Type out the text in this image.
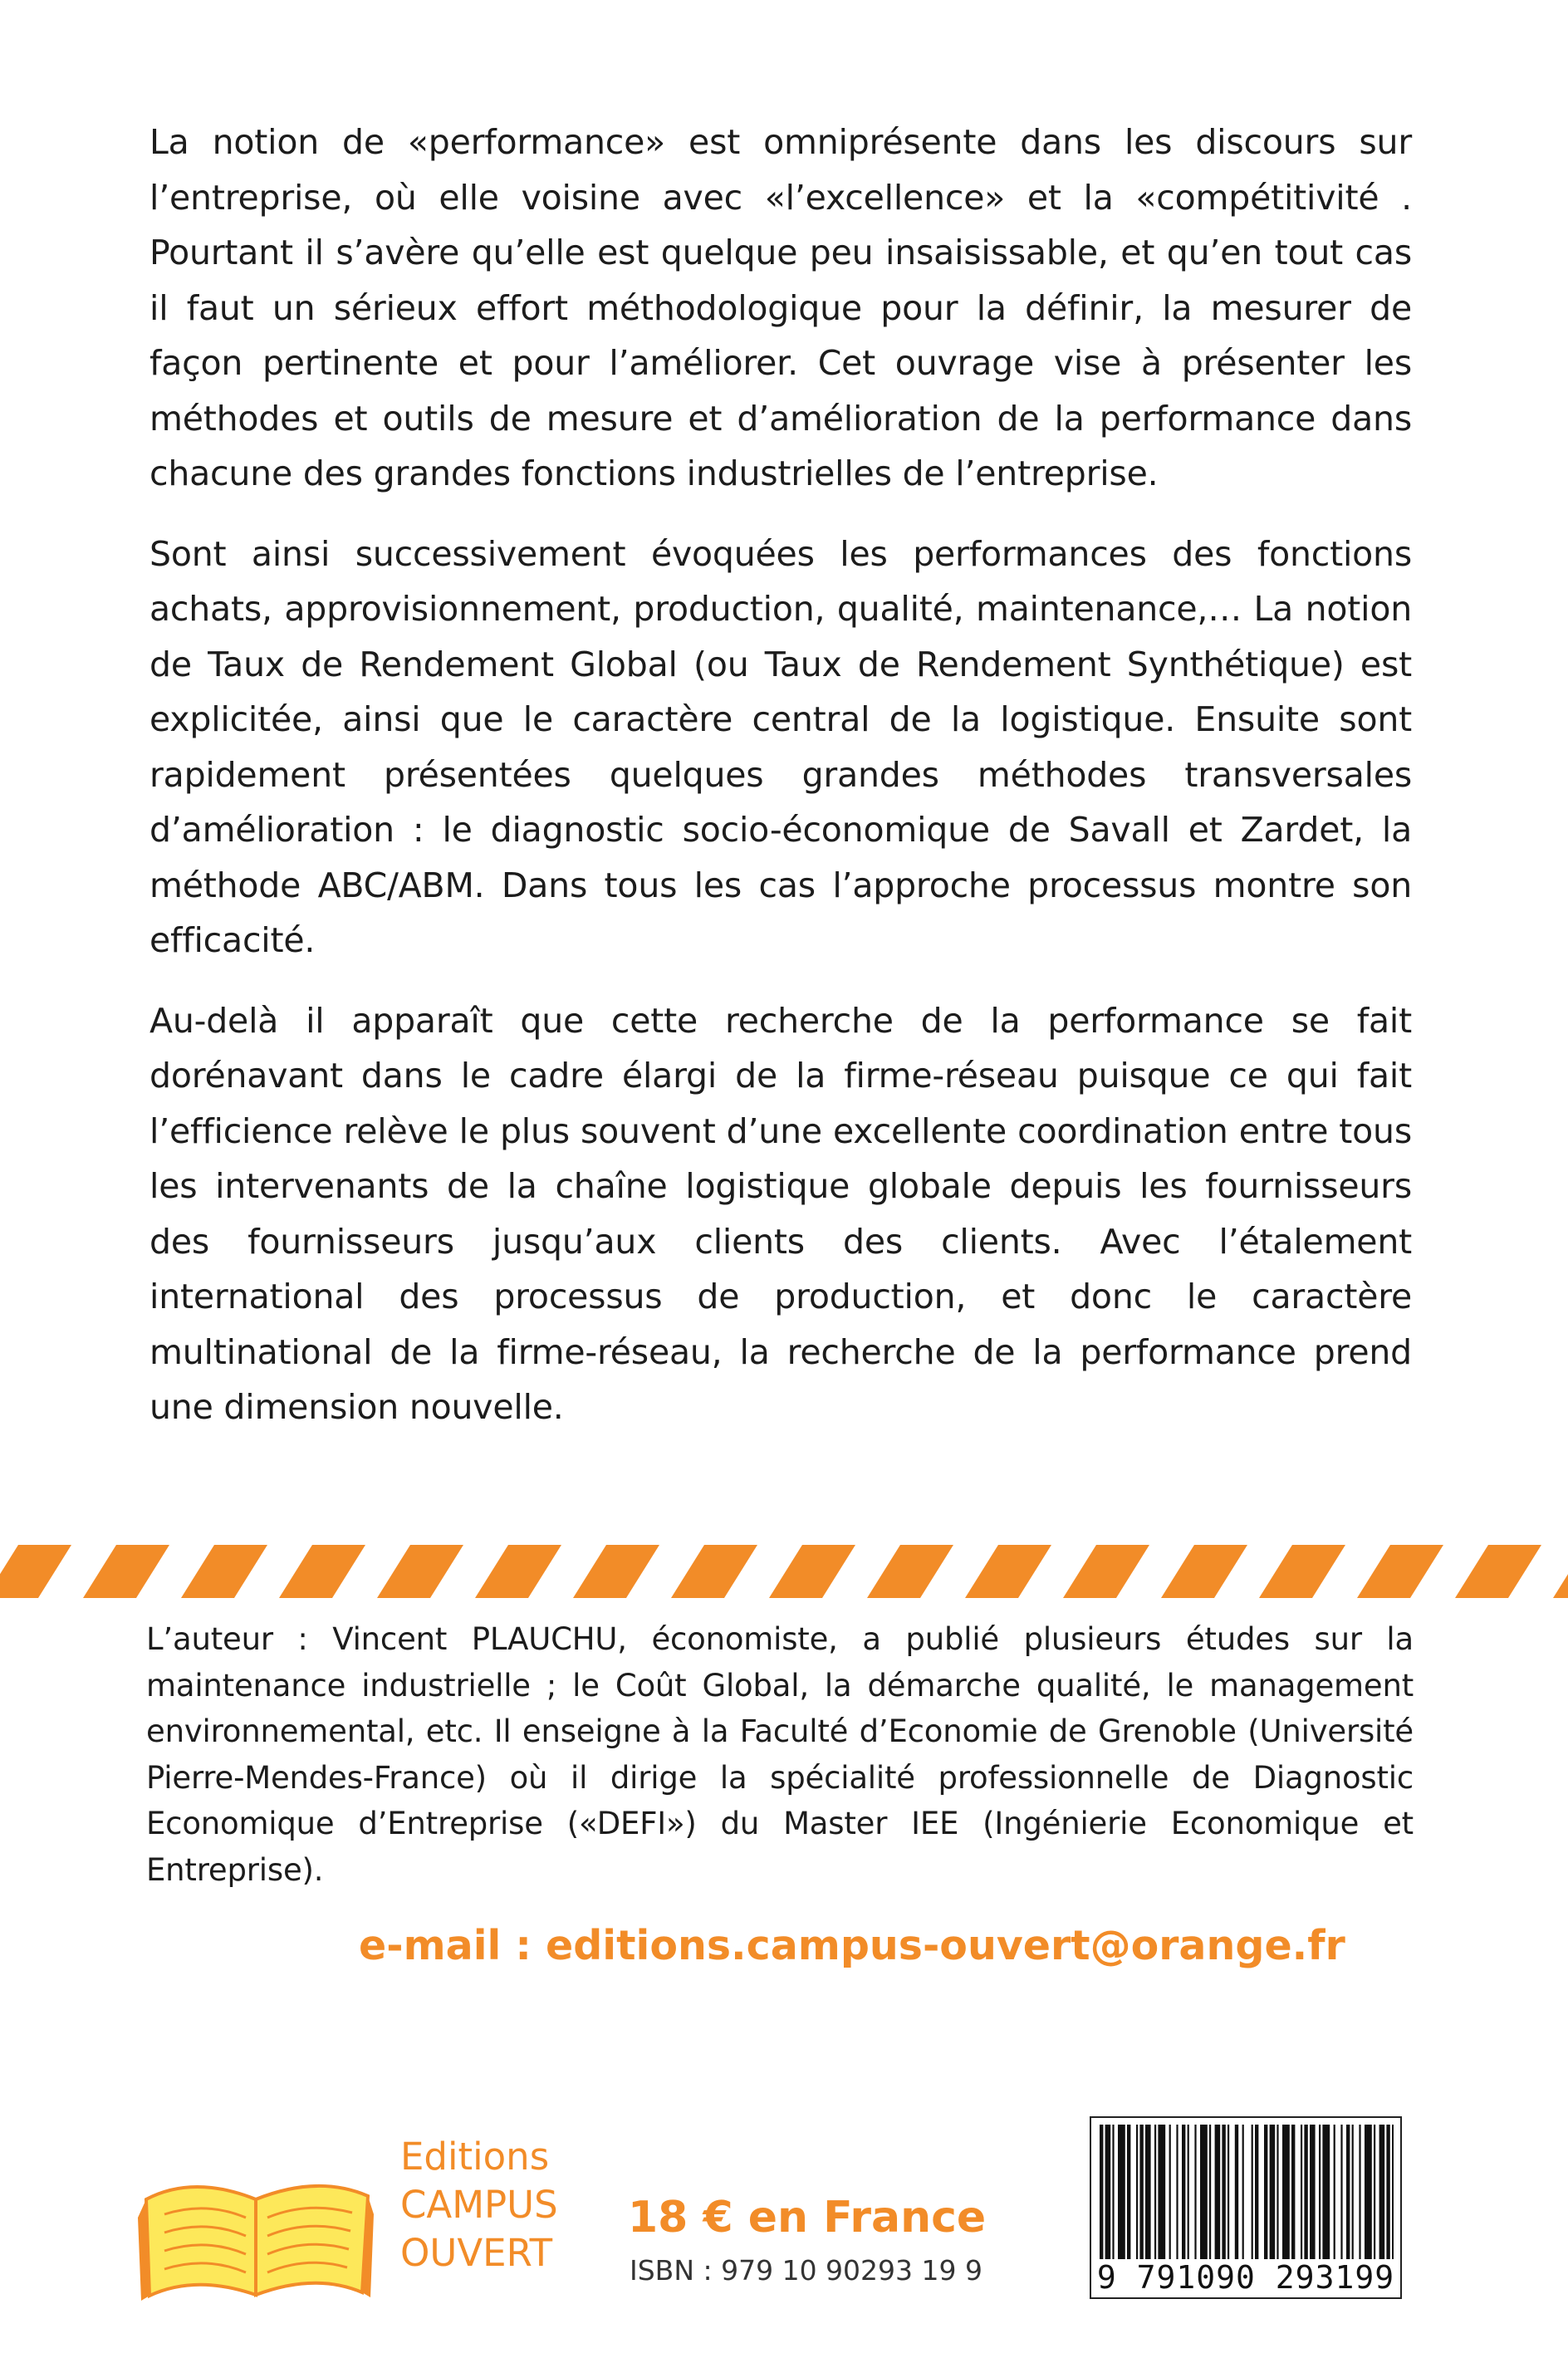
La notion de «performance» est omniprésente dans les discours sur l’entreprise, où elle voisine avec «l’excellence» et la «compétitivité . Pourtant il s’avère qu’elle est quelque peu insaisissable, et qu’en tout cas il faut un sérieux effort méthodologique pour la définir, la mesurer de façon pertinente et pour l’améliorer. Cet ouvrage vise à présenter les méthodes et outils de mesure et d’amélioration de la performance dans chacune des grandes fonctions industrielles de l’entreprise.

Sont ainsi successivement évoquées les performances des fonctions achats, approvisionnement, production, qualité, maintenance,… La notion de Taux de Rendement Global (ou Taux de Rendement Synthétique) est explicitée, ainsi que le caractère central de la logistique. Ensuite sont rapidement présentées quelques grandes méthodes transversales d’amélioration : le diagnostic socio-économique de Savall et Zardet, la méthode ABC/ABM. Dans tous les cas l’approche processus montre son efficacité.

Au-delà il apparaît que cette recherche de la performance se fait dorénavant dans le cadre élargi de la firme-réseau puisque ce qui fait l’efficience relève le plus souvent d’une excellente coordination entre tous les intervenants de la chaîne logistique globale depuis les fournisseurs des fournisseurs jusqu’aux clients des clients. Avec l’étalement international des processus de production, et donc le caractère multinational de la firme-réseau, la recherche de la performance prend une dimension nouvelle.

L’auteur : Vincent PLAUCHU, économiste, a publié plusieurs études sur la maintenance industrielle ; le Coût Global, la démarche qualité, le management environnemental, etc. Il enseigne à la Faculté d’Economie de Grenoble (Université Pierre-Mendes-France) où il dirige la spécialité professionnelle de Diagnostic Economique d’Entreprise («DEFI») du Master IEE (Ingénierie Economique et Entreprise).

e-mail : editions.campus-ouvert@orange.fr
Editions
CAMPUS
OUVERT
18 € en France
ISBN : 979 10 90293 19 9	9 791090 293199
